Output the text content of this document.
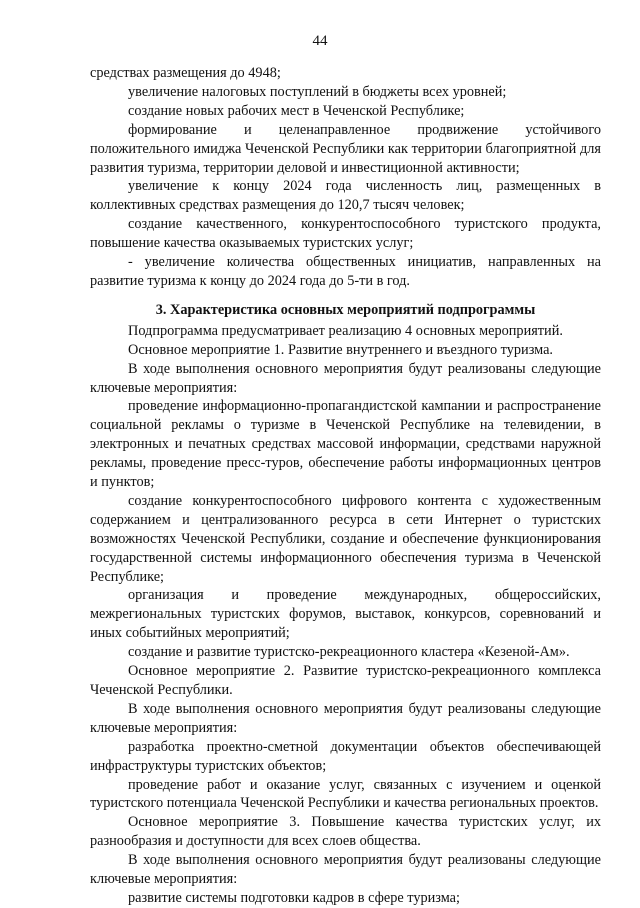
44

средствах размещения до 4948;

увеличение налоговых поступлений в бюджеты всех уровней;

создание новых рабочих мест в Чеченской Республике;

формирование и целенаправленное продвижение устойчивого положительного имиджа Чеченской Республики как территории благоприятной для развития туризма, территории деловой и инвестиционной активности;

увеличение к концу 2024 года численность лиц, размещенных в коллективных средствах размещения до 120,7 тысяч человек;

создание качественного, конкурентоспособного туристского продукта, повышение качества оказываемых туристских услуг;

- увеличение количества общественных инициатив, направленных на развитие туризма к концу до 2024 года до 5-ти в год.

3. Характеристика основных мероприятий подпрограммы

Подпрограмма предусматривает реализацию 4 основных мероприятий.

Основное мероприятие 1. Развитие внутреннего и въездного туризма.

В ходе выполнения основного мероприятия будут реализованы следующие ключевые мероприятия:

проведение информационно-пропагандистской кампании и распространение социальной рекламы о туризме в Чеченской Республике на телевидении, в электронных и печатных средствах массовой информации, средствами наружной рекламы, проведение пресс-туров, обеспечение работы информационных центров и пунктов;

создание конкурентоспособного цифрового контента с художественным содержанием и централизованного ресурса в сети Интернет о туристских возможностях Чеченской Республики, создание и обеспечение функционирования государственной системы информационного обеспечения туризма в Чеченской Республике;

организация и проведение международных, общероссийских, межрегиональных туристских форумов, выставок, конкурсов, соревнований и иных событийных мероприятий;

создание и развитие туристско-рекреационного кластера «Кезеной-Ам».

Основное мероприятие 2. Развитие туристско-рекреационного комплекса Чеченской Республики.

В ходе выполнения основного мероприятия будут реализованы следующие ключевые мероприятия:

разработка проектно-сметной документации объектов обеспечивающей инфраструктуры туристских объектов;

проведение работ и оказание услуг, связанных с изучением и оценкой туристского потенциала Чеченской Республики и качества региональных проектов.

Основное мероприятие 3. Повышение качества туристских услуг, их разнообразия и доступности для всех слоев общества.

В ходе выполнения основного мероприятия будут реализованы следующие ключевые мероприятия:

развитие системы подготовки кадров в сфере туризма;
